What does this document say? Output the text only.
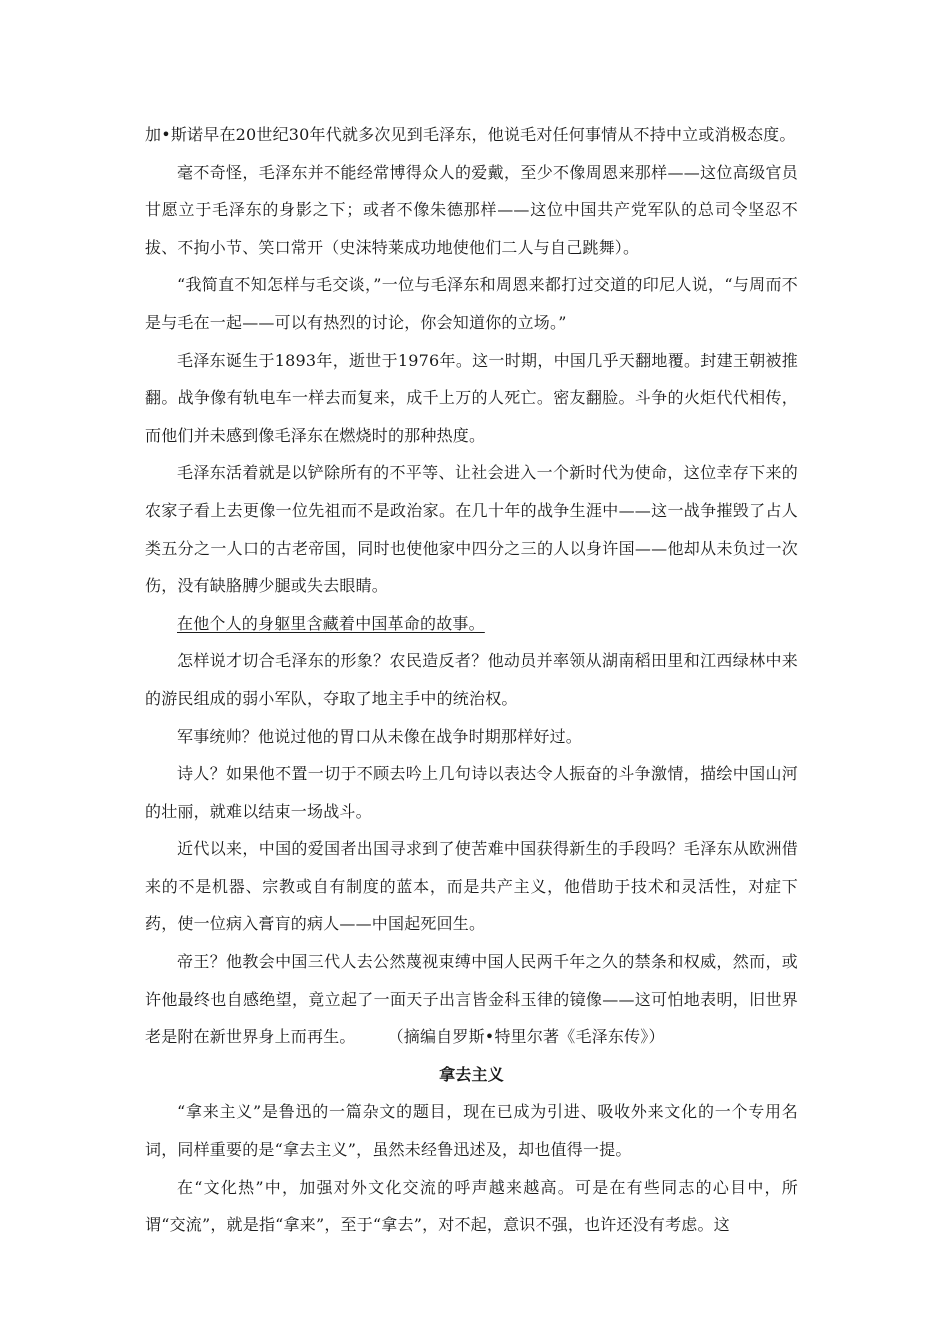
加•斯诺早在20世纪30年代就多次见到毛泽东，他说毛对任何事情从不持中立或消极态度。

毫不奇怪，毛泽东并不能经常博得众人的爱戴，至少不像周恩来那样——这位高级官员甘愿立于毛泽东的身影之下；或者不像朱德那样——这位中国共产党军队的总司令坚忍不拔、不拘小节、笑口常开（史沫特莱成功地使他们二人与自己跳舞）。

“我简直不知怎样与毛交谈，”一位与毛泽东和周恩来都打过交道的印尼人说，“与周而不是与毛在一起——可以有热烈的讨论，你会知道你的立场。”

毛泽东诞生于1893年，逝世于1976年。这一时期，中国几乎天翻地覆。封建王朝被推翻。战争像有轨电车一样去而复来，成千上万的人死亡。密友翻脸。斗争的火炬代代相传，而他们并未感到像毛泽东在燃烧时的那种热度。

毛泽东活着就是以铲除所有的不平等、让社会进入一个新时代为使命，这位幸存下来的农家子看上去更像一位先祖而不是政治家。在几十年的战争生涯中——这一战争摧毁了占人类五分之一人口的古老帝国，同时也使他家中四分之三的人以身许国——他却从未负过一次伤，没有缺胳膊少腿或失去眼睛。

在他个人的身躯里含藏着中国革命的故事。

怎样说才切合毛泽东的形象？农民造反者？他动员并率领从湖南稻田里和江西绿林中来的游民组成的弱小军队，夺取了地主手中的统治权。

军事统帅？他说过他的胃口从未像在战争时期那样好过。

诗人？如果他不置一切于不顾去吟上几句诗以表达令人振奋的斗争激情，描绘中国山河的壮丽，就难以结束一场战斗。

近代以来，中国的爱国者出国寻求到了使苦难中国获得新生的手段吗？毛泽东从欧洲借来的不是机器、宗教或自有制度的蓝本，而是共产主义，他借助于技术和灵活性，对症下药，使一位病入膏肓的病人——中国起死回生。

帝王？他教会中国三代人去公然蔑视束缚中国人民两千年之久的禁条和权威，然而，或许他最终也自感绝望，竟立起了一面天子出言皆金科玉律的镜像——这可怕地表明，旧世界老是附在新世界身上而再生。	（摘编自罗斯•特里尔著《毛泽东传》）

拿去主义

“拿来主义”是鲁迅的一篇杂文的题目，现在已成为引进、吸收外来文化的一个专用名词，同样重要的是“拿去主义”，虽然未经鲁迅述及，却也值得一提。

在“文化热”中，加强对外文化交流的呼声越来越高。可是在有些同志的心目中，所谓“交流”，就是指“拿来”，至于“拿去”，对不起，意识不强，也许还没有考虑。这
